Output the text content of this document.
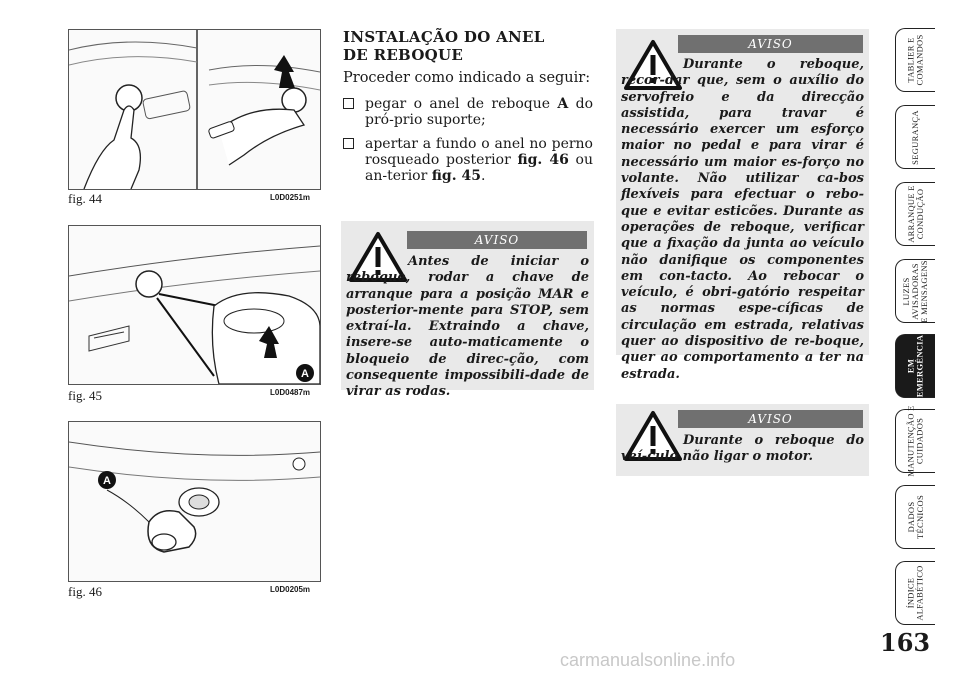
fig. 44	L0D0251m
A
fig. 45	L0D0487m
A
fig. 46	L0D0205m
INSTALAÇÃO DO ANEL
DE REBOQUE

Proceder como indicado a seguir:

pegar o anel de reboque A do pró-prio suporte;
apertar a fundo o anel no perno rosqueado posterior fig. 46 ou an-terior fig. 45.
AVISO
Antes de iniciar o reboque, rodar a chave de arranque para a posição MAR e posterior-mente para STOP, sem extraí-la. Extraindo a chave, insere-se auto-maticamente o bloqueio de direc-ção, com consequente impossibili-dade de virar as rodas.
AVISO
Durante o reboque, recor-dar que, sem o auxílio do servofreio e da direcção assistida, para travar é necessário exercer um esforço maior no pedal e para virar é necessário um maior es-forço no volante. Não utilizar ca-bos flexíveis para efectuar o rebo-que e evitar esticões. Durante as operações de reboque, verificar que a fixação da junta ao veículo não danifique os componentes em con-tacto. Ao rebocar o veículo, é obri-gatório respeitar as normas espe-cíficas de circulação em estrada, relativas quer ao dispositivo de re-boque, quer ao comportamento a ter na estrada.
AVISO
Durante o reboque do veí-culo não ligar o motor.
TABLIER E
COMANDOS
SEGURANÇA
ARRANQUE E
CONDUÇÃO
LUZES
AVISADORAS
E MENSAGENS
EM
EMERGÊNCIA
MANUTENÇÃO E
CUIDADOS
DADOS
TÉCNICOS
ÍNDICE
ALFABÉTICO
163
carmanualsonline.info
